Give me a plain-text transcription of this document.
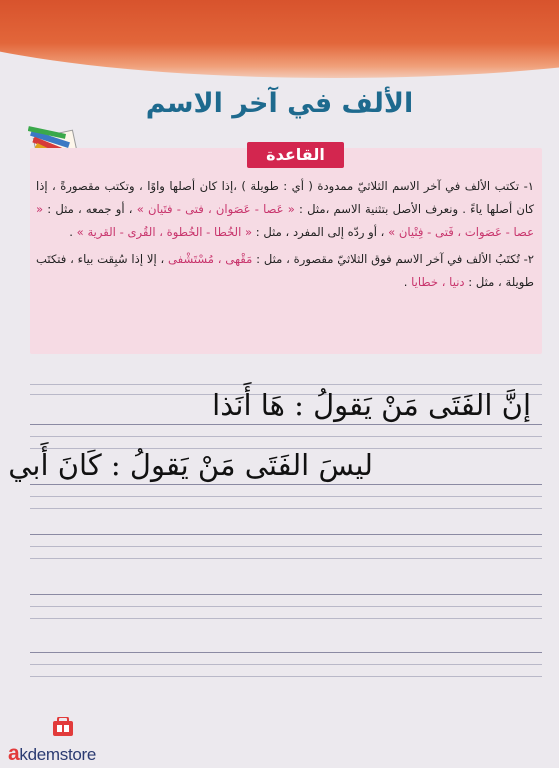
الألف في آخر الاسم
القاعدة

١- تكتب الألف في آخر الاسم الثلاثيّ ممدودة ( أي : طويلة ) ،إذا كان أصلها واوًا ، وتكتب مقصورةً ، إذا كان أصلها ياءً . ونعرف الأصل بتثنية الاسم ،مثل : « عَصا - عَصَوان ، فتى - فتَيان » ، أو جمعه ، مثل : « عصا - عَصَوات ، فَتى - فِتْيان » ، أو ردّه إلى المفرد ، مثل : « الخُطا - الخُطوة ، القُرى - القرية » .

٢- تُكتَبُ الألف في آخر الاسم فوق الثلاثيّ مقصورة ، مثل : مَقْهى ، مُسْتَشْفى ، إلا إذا سُبِقت بياء ، فتكتَب طويلة ، مثل : دنيا ، خطايا .

إنَّ الفَتَى مَنْ يَقولُ : هَا أَنَذا
ليسَ الفَتَى مَنْ يَقولُ : كَانَ أَبي
akdemstore
